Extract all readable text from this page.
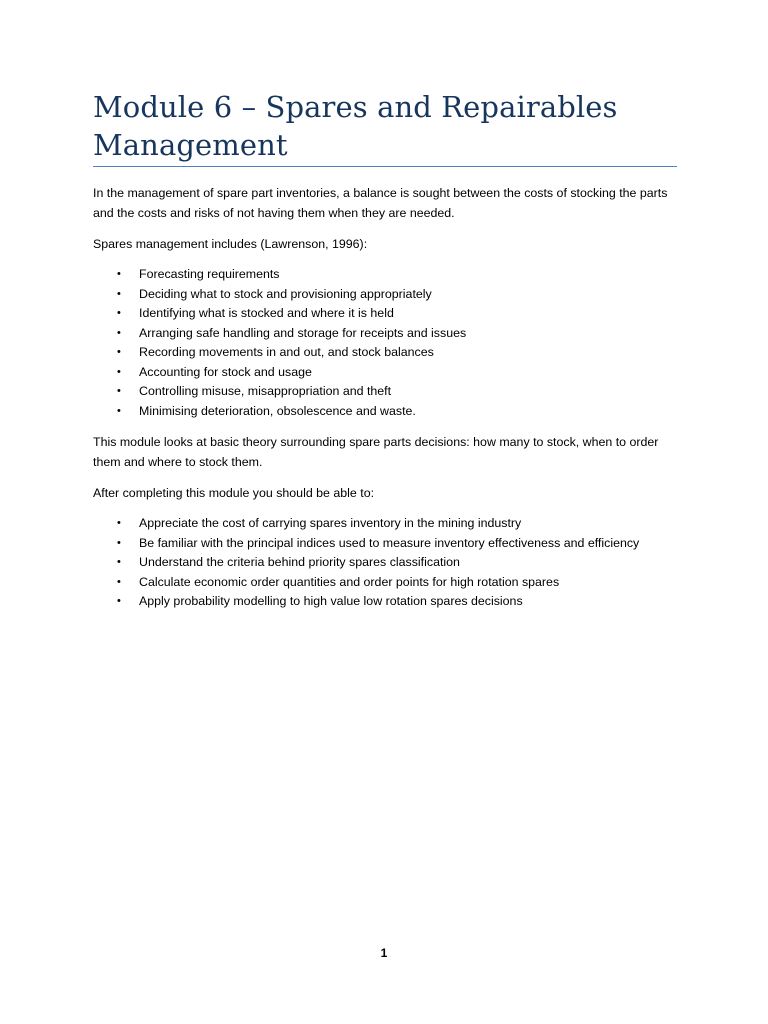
Module 6 – Spares and Repairables Management

In the management of spare part inventories, a balance is sought between the costs of stocking the parts and the costs and risks of not having them when they are needed.

Spares management includes (Lawrenson, 1996):

• Forecasting requirements
• Deciding what to stock and provisioning appropriately
• Identifying what is stocked and where it is held
• Arranging safe handling and storage for receipts and issues
• Recording movements in and out, and stock balances
• Accounting for stock and usage
• Controlling misuse, misappropriation and theft
• Minimising deterioration, obsolescence and waste.

This module looks at basic theory surrounding spare parts decisions: how many to stock, when to order them and where to stock them.

After completing this module you should be able to:

• Appreciate the cost of carrying spares inventory in the mining industry
• Be familiar with the principal indices used to measure inventory effectiveness and efficiency
• Understand the criteria behind priority spares classification
• Calculate economic order quantities and order points for high rotation spares
• Apply probability modelling to high value low rotation spares decisions
1
